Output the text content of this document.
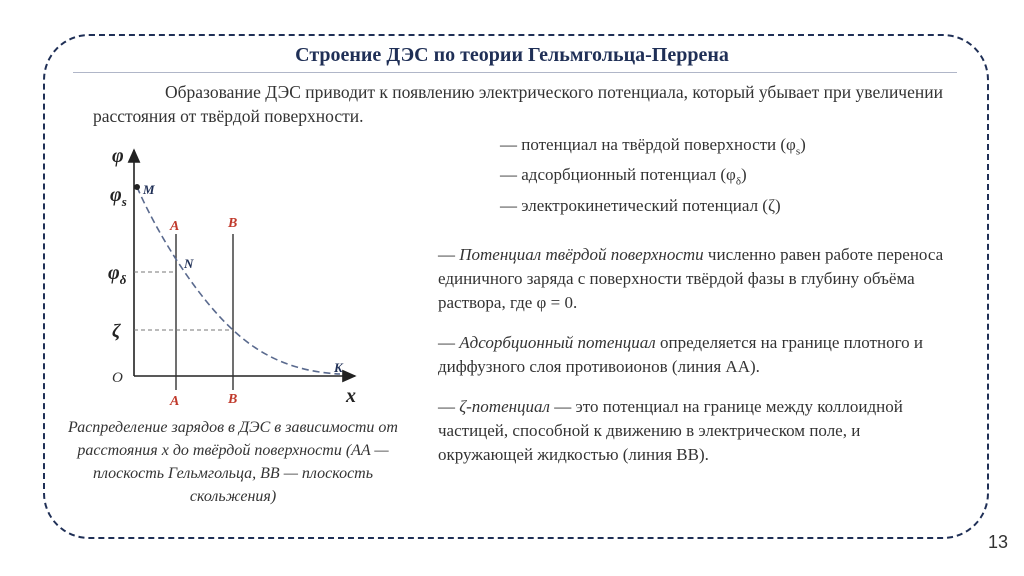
Строение ДЭС по теории Гельмгольца-Перрена
Образование ДЭС приводит к появлению электрического потенциала, который убывает при увеличении расстояния от твёрдой поверхности.
— потенциал на твёрдой поверхности $(\varphi_s)$
— адсорбционный потенциал $(\varphi_\delta)$
— электрокинетический потенциал (ζ)

— Потенциал твёрдой поверхности численно равен работе переноса единичного заряда с поверхности твёрдой фазы в глубину объёма раствора, где φ = 0.

— Адсорбционный потенциал определяется на границе плотного и диффузного слоя противоионов (линия AA).

— ζ-потенциал — это потенциал на границе между коллоидной частицей, способной к движению в электрическом поле, и окружающей жидкостью (линия BB).

φ
x
O
$\varphi_s$
$\varphi_\delta$
ζ
M
N
K
A	B
A	B
Распределение зарядов в ДЭС в зависимости от расстояния x до твёрдой поверхности (AA — плоскость Гельмгольца, BB — плоскость скольжения)
13
